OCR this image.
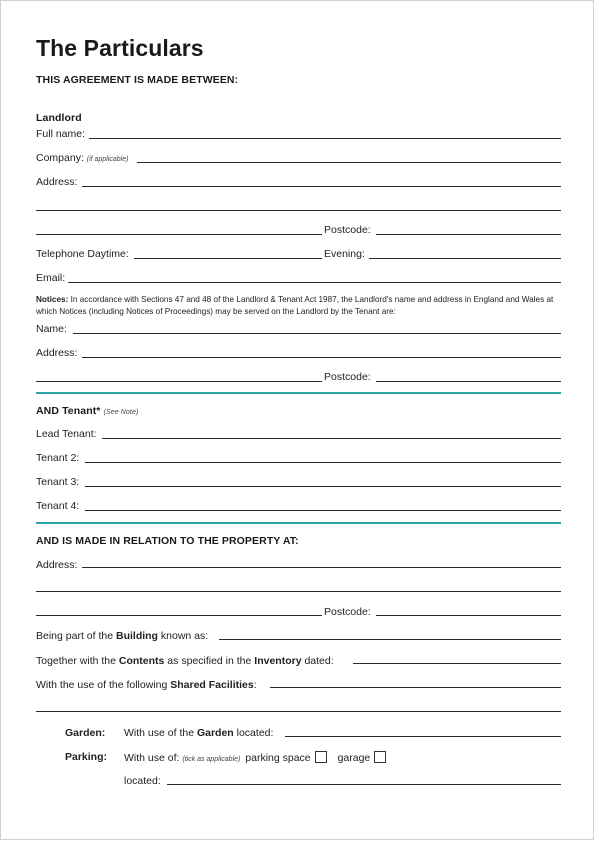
The Particulars
THIS AGREEMENT IS MADE BETWEEN:
Landlord
Full name:
Company: (if applicable)
Address:
Postcode:
Telephone Daytime:	Evening:
Email:
Notices: In accordance with Sections 47 and 48 of the Landlord & Tenant Act 1987, the Landlord's name and address in England and Wales at which Notices (including Notices of Proceedings) may be served on the Landlord by the Tenant are:
Name:
Address:
Postcode:
AND Tenant* (See Note)
Lead Tenant:
Tenant 2:
Tenant 3:
Tenant 4:
AND IS MADE IN RELATION TO THE PROPERTY AT:
Address:
Postcode:
Being part of the Building known as:
Together with the Contents as specified in the Inventory dated:
With the use of the following Shared Facilities:
Garden: With use of the Garden located:
Parking: With use of: (tick as applicable) parking space	garage
located:
